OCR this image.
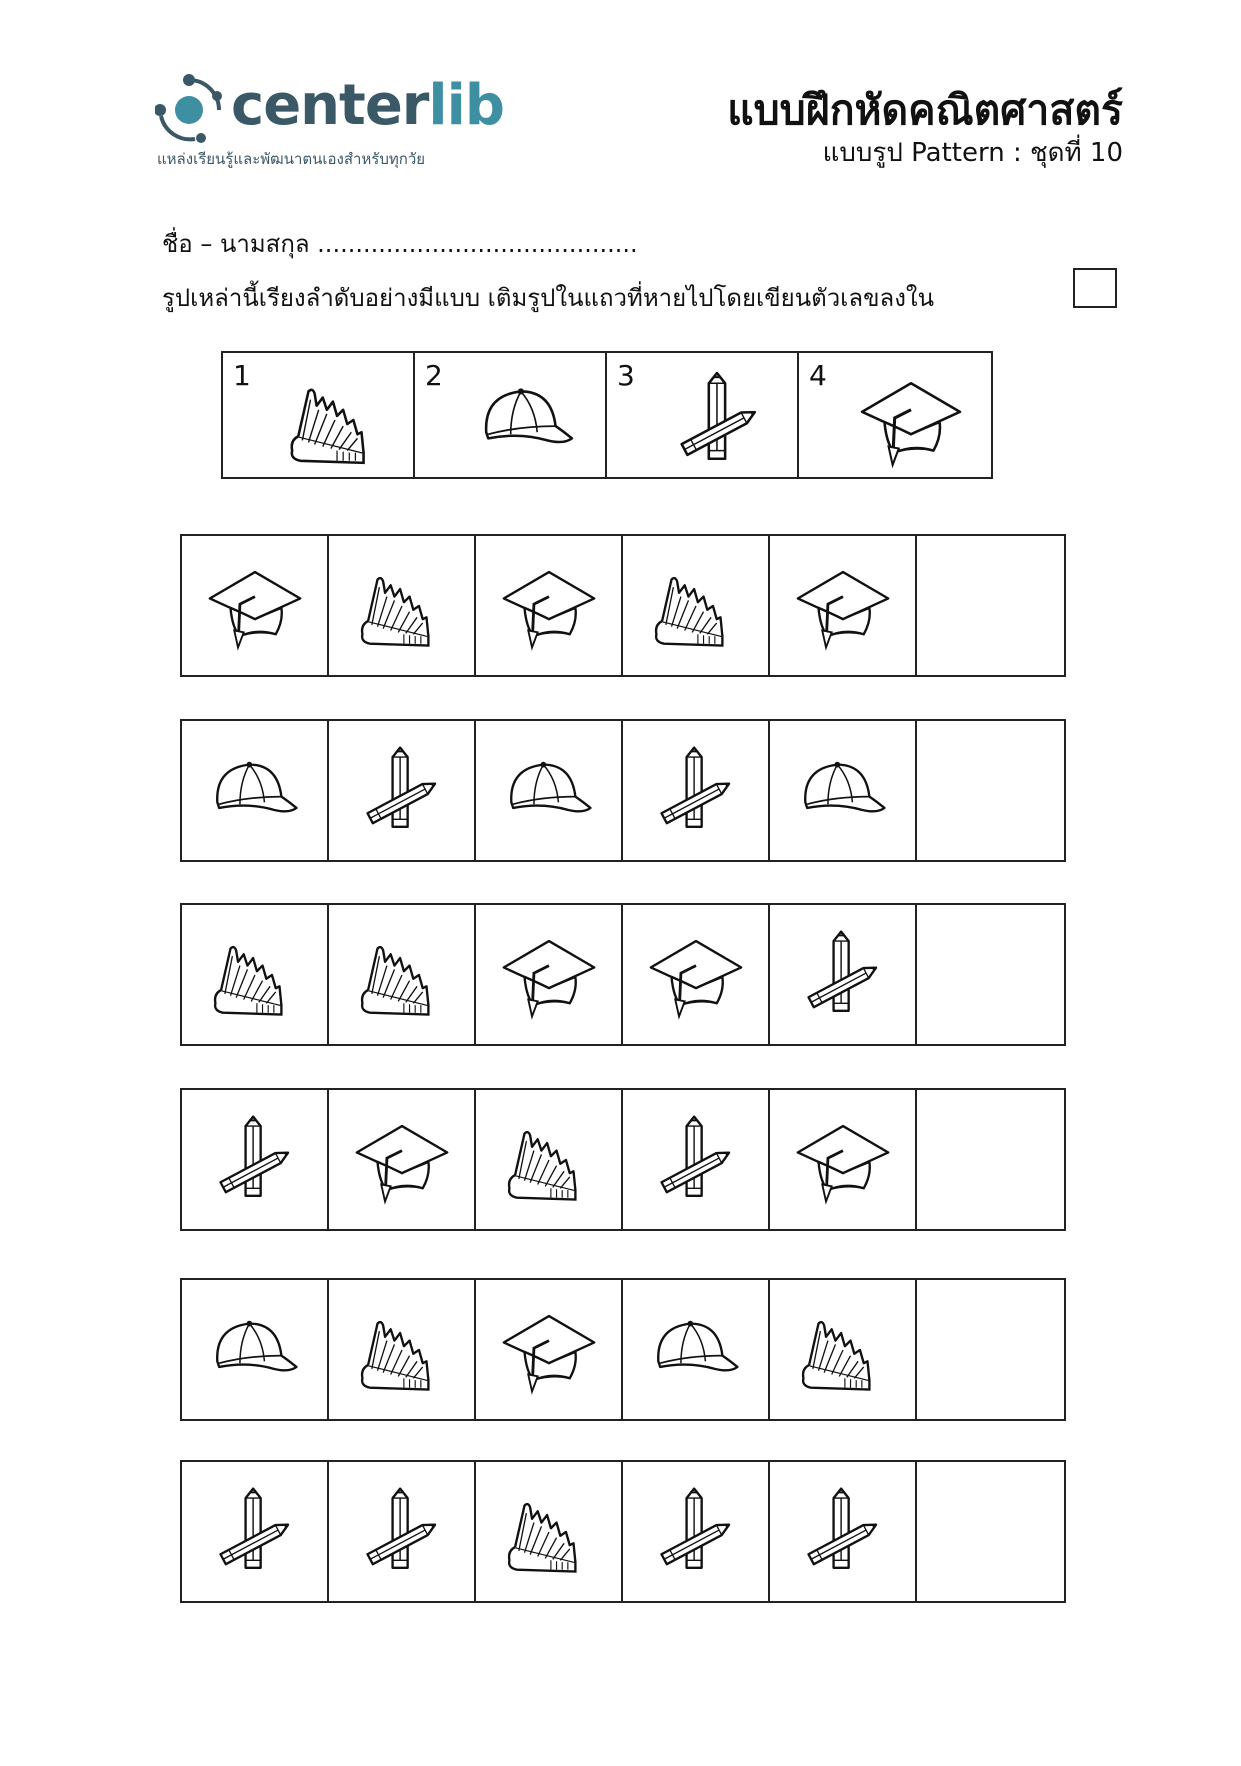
centerlib
แหล่งเรียนรู้และพัฒนาตนเองสำหรับทุกวัย
แบบฝึกหัดคณิตศาสตร์
แบบรูป Pattern : ชุดที่ 10
ชื่อ – นามสกุล ..........................................
รูปเหล่านี้เรียงลำดับอย่างมีแบบ เติมรูปในแถวที่หายไปโดยเขียนตัวเลขลงใน
1	2	3	4
